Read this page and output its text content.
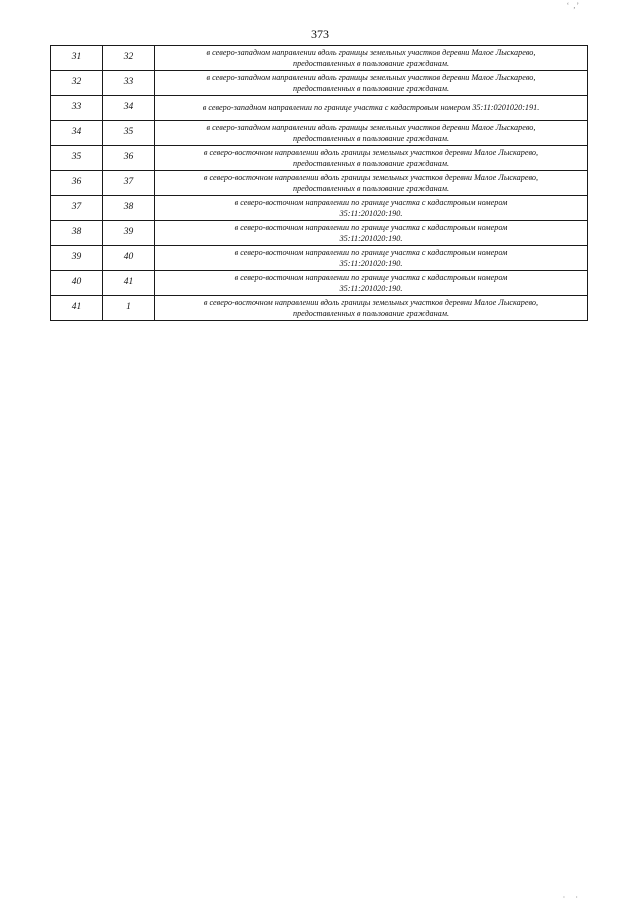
‘ ,’
373
31	32	в северо-западном направлении вдоль границы земельных участков деревни Малое Лыскарево,
предоставленных в пользование гражданам.

32	33	в северо-западном направлении вдоль границы земельных участков деревни Малое Лыскарево,
предоставленных в пользование гражданам.

33	34	в северо-западном направлении по границе участка с кадастровым номером 35:11:0201020:191.

34	35	в северо-западном направлении вдоль границы земельных участков деревни Малое Лыскарево,
предоставленных в пользование гражданам.

35	36	в северо-восточном направлении вдоль границы земельных участков деревни Малое Лыскарево,
предоставленных в пользование гражданам.

36	37	в северо-восточном направлении вдоль границы земельных участков деревни Малое Лыскарево,
предоставленных в пользование гражданам.

37	38	в северо-восточном направлении по границе участка с кадастровым номером
35:11:201020:190.

38	39	в северо-восточном направлении по границе участка с кадастровым номером
35:11:201020:190.

39	40	в северо-восточном направлении по границе участка с кадастровым номером
35:11:201020:190.

40	41	в северо-восточном направлении по границе участка с кадастровым номером
35:11:201020:190.

41	1	в северо-восточном направлении вдоль границы земельных участков деревни Малое Лыскарево,
предоставленных в пользование гражданам.
· ·
